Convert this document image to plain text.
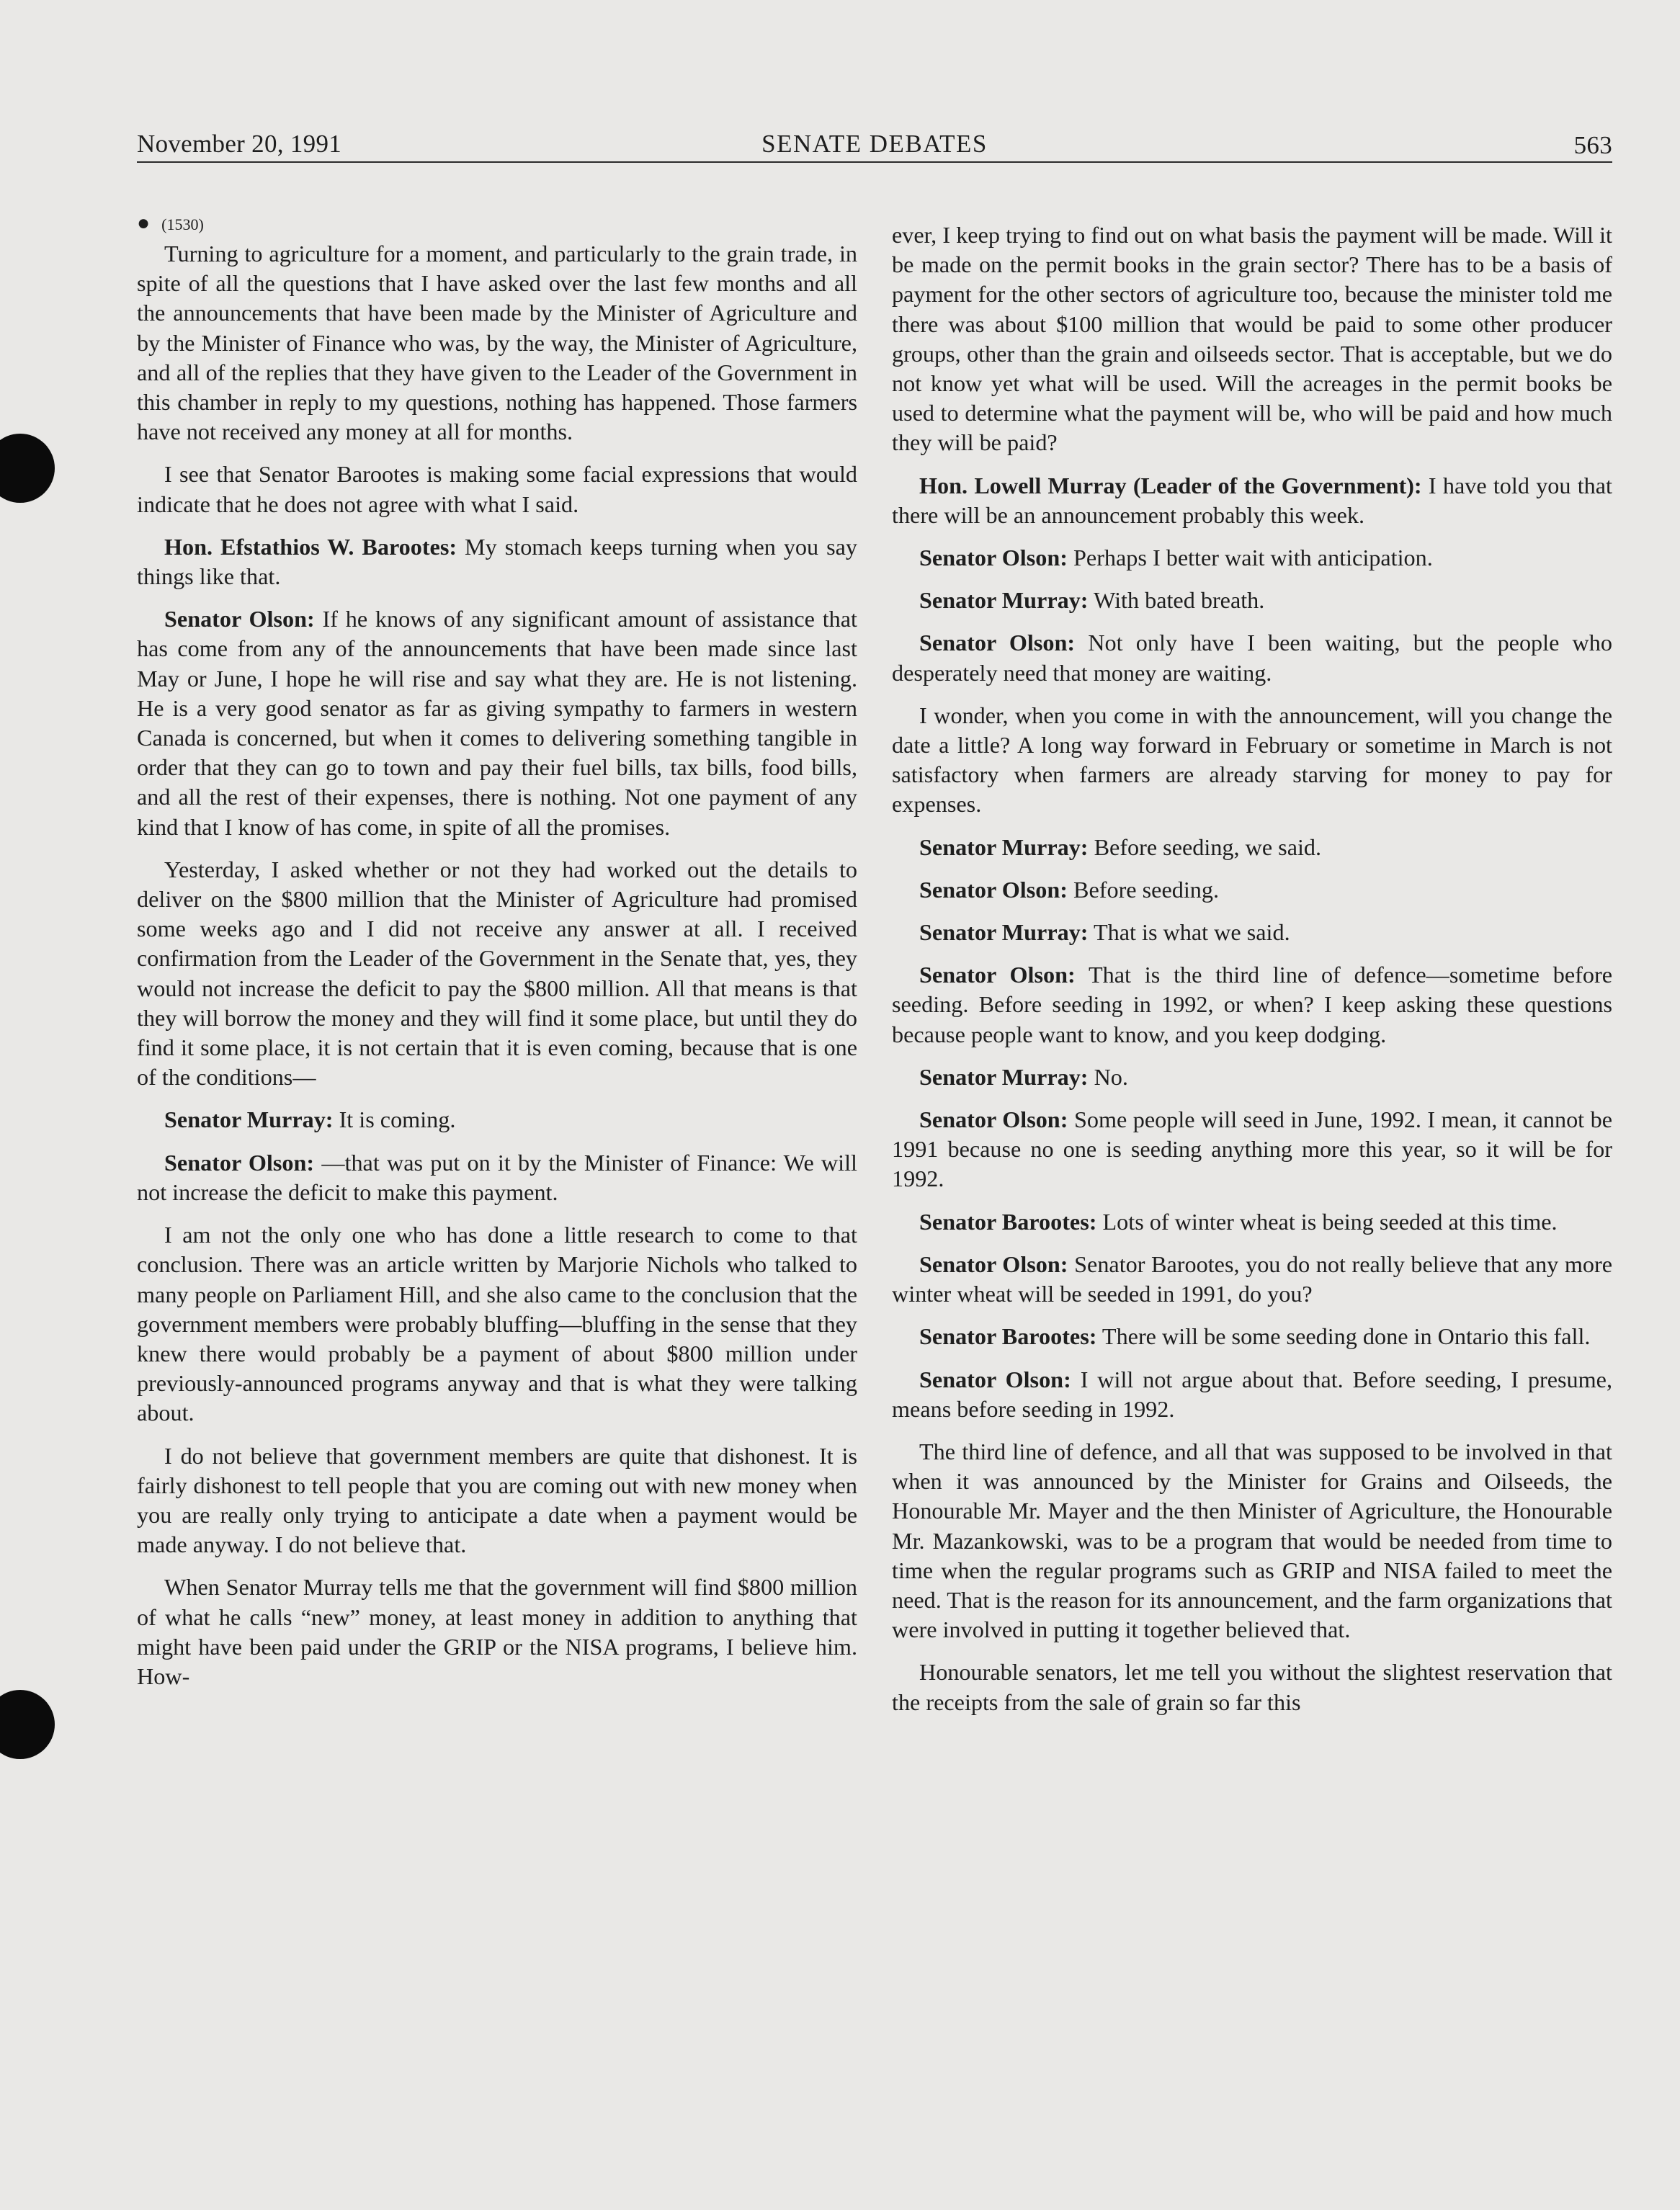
November 20, 1991	SENATE DEBATES	563
● (1530)

Turning to agriculture for a moment, and particularly to the grain trade, in spite of all the questions that I have asked over the last few months and all the announcements that have been made by the Minister of Agriculture and by the Minister of Finance who was, by the way, the Minister of Agriculture, and all of the replies that they have given to the Leader of the Government in this chamber in reply to my questions, nothing has happened. Those farmers have not received any money at all for months.

I see that Senator Barootes is making some facial expressions that would indicate that he does not agree with what I said.

Hon. Efstathios W. Barootes: My stomach keeps turning when you say things like that.

Senator Olson: If he knows of any significant amount of assistance that has come from any of the announcements that have been made since last May or June, I hope he will rise and say what they are. He is not listening. He is a very good senator as far as giving sympathy to farmers in western Canada is concerned, but when it comes to delivering something tangible in order that they can go to town and pay their fuel bills, tax bills, food bills, and all the rest of their expenses, there is nothing. Not one payment of any kind that I know of has come, in spite of all the promises.

Yesterday, I asked whether or not they had worked out the details to deliver on the $800 million that the Minister of Agriculture had promised some weeks ago and I did not receive any answer at all. I received confirmation from the Leader of the Government in the Senate that, yes, they would not increase the deficit to pay the $800 million. All that means is that they will borrow the money and they will find it some place, but until they do find it some place, it is not certain that it is even coming, because that is one of the conditions—

Senator Murray: It is coming.

Senator Olson: —that was put on it by the Minister of Finance: We will not increase the deficit to make this payment.

I am not the only one who has done a little research to come to that conclusion. There was an article written by Marjorie Nichols who talked to many people on Parliament Hill, and she also came to the conclusion that the government members were probably bluffing—bluffing in the sense that they knew there would probably be a payment of about $800 million under previously-announced programs anyway and that is what they were talking about.

I do not believe that government members are quite that dishonest. It is fairly dishonest to tell people that you are coming out with new money when you are really only trying to anticipate a date when a payment would be made anyway. I do not believe that.

When Senator Murray tells me that the government will find $800 million of what he calls “new” money, at least money in addition to anything that might have been paid under the GRIP or the NISA programs, I believe him. How-

ever, I keep trying to find out on what basis the payment will be made. Will it be made on the permit books in the grain sector? There has to be a basis of payment for the other sectors of agriculture too, because the minister told me there was about $100 million that would be paid to some other producer groups, other than the grain and oilseeds sector. That is acceptable, but we do not know yet what will be used. Will the acreages in the permit books be used to determine what the payment will be, who will be paid and how much they will be paid?

Hon. Lowell Murray (Leader of the Government): I have told you that there will be an announcement probably this week.

Senator Olson: Perhaps I better wait with anticipation.

Senator Murray: With bated breath.

Senator Olson: Not only have I been waiting, but the people who desperately need that money are waiting.

I wonder, when you come in with the announcement, will you change the date a little? A long way forward in February or sometime in March is not satisfactory when farmers are already starving for money to pay for expenses.

Senator Murray: Before seeding, we said.

Senator Olson: Before seeding.

Senator Murray: That is what we said.

Senator Olson: That is the third line of defence—sometime before seeding. Before seeding in 1992, or when? I keep asking these questions because people want to know, and you keep dodging.

Senator Murray: No.

Senator Olson: Some people will seed in June, 1992. I mean, it cannot be 1991 because no one is seeding anything more this year, so it will be for 1992.

Senator Barootes: Lots of winter wheat is being seeded at this time.

Senator Olson: Senator Barootes, you do not really believe that any more winter wheat will be seeded in 1991, do you?

Senator Barootes: There will be some seeding done in Ontario this fall.

Senator Olson: I will not argue about that. Before seeding, I presume, means before seeding in 1992.

The third line of defence, and all that was supposed to be involved in that when it was announced by the Minister for Grains and Oilseeds, the Honourable Mr. Mayer and the then Minister of Agriculture, the Honourable Mr. Mazankowski, was to be a program that would be needed from time to time when the regular programs such as GRIP and NISA failed to meet the need. That is the reason for its announcement, and the farm organizations that were involved in putting it together believed that.

Honourable senators, let me tell you without the slightest reservation that the receipts from the sale of grain so far this
